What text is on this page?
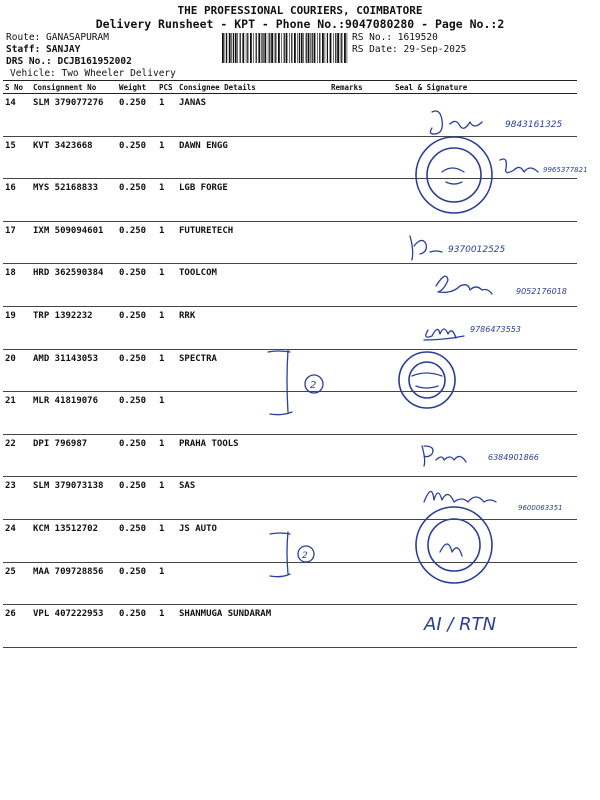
THE PROFESSIONAL COURIERS, COIMBATORE
Delivery Runsheet - KPT - Phone No.:9047080280 - Page No.:2
Route: GANASAPURAM
Staff: SANJAY
DRS No.: DCJB161952002
Vehicle: Two Wheeler Delivery
RS No.: 1619520
RS Date: 29-Sep-2025
S No	Consignment No	Weight	PCS	Consignee Details	Remarks	Seal & Signature
14	SLM 379077276	0.250	1	JANAS		
15	KVT 3423668	0.250	1	DAWN ENGG		
16	MYS 52168833	0.250	1	LGB FORGE		
17	IXM 509094601	0.250	1	FUTURETECH		
18	HRD 362590384	0.250	1	TOOLCOM		
19	TRP 1392232	0.250	1	RRK		
20	AMD 31143053	0.250	1	SPECTRA		
21	MLR 41819076	0.250	1			
22	DPI 796987	0.250	1	PRAHA TOOLS		
23	SLM 379073138	0.250	1	SAS		
24	KCM 13512702	0.250	1	JS AUTO		
25	MAA 709728856	0.250	1			
26	VPL 407222953	0.250	1	SHANMUGA SUNDARAM		
9843161325
9965377821
9370012525
9052176018
9786473553
2
6384901866
9600063351
2
AI / RTN
